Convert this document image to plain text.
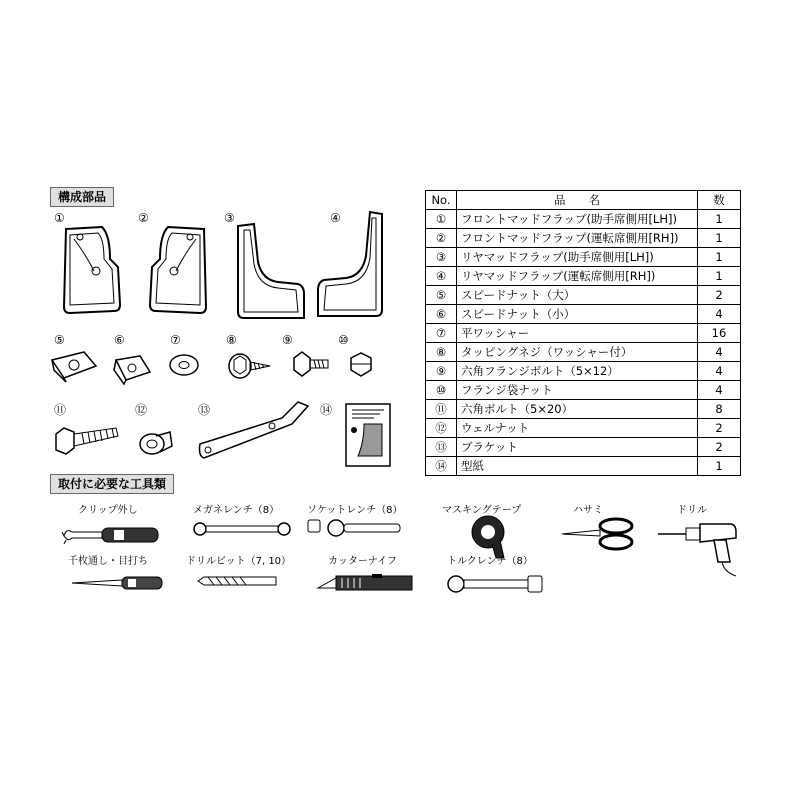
構成部品
①	②	③	④
⑤	⑥	⑦	⑧	⑨	⑩
⑪	⑫	⑬	⑭
No.	品　　名	数
①	フロントマッドフラップ(助手席側用[LH])	1
②	フロントマッドフラップ(運転席側用[RH])	1
③	リヤマッドフラップ(助手席側用[LH])	1
④	リヤマッドフラップ(運転席側用[RH])	1
⑤	スピードナット（大）	2
⑥	スピードナット（小）	4
⑦	平ワッシャー	16
⑧	タッピングネジ（ワッシャー付）	4
⑨	六角フランジボルト（5×12）	4
⑩	フランジ袋ナット	4
⑪	六角ボルト（5×20）	8
⑫	ウェルナット	2
⑬	ブラケット	2
⑭	型紙	1
取付に必要な工具類
クリップ外し	メガネレンチ（8）	ソケットレンチ（8）	マスキングテープ	ハサミ	ドリル
千枚通し・目打ち	ドリルビット（7, 10）	カッターナイフ	トルクレンチ（8）
